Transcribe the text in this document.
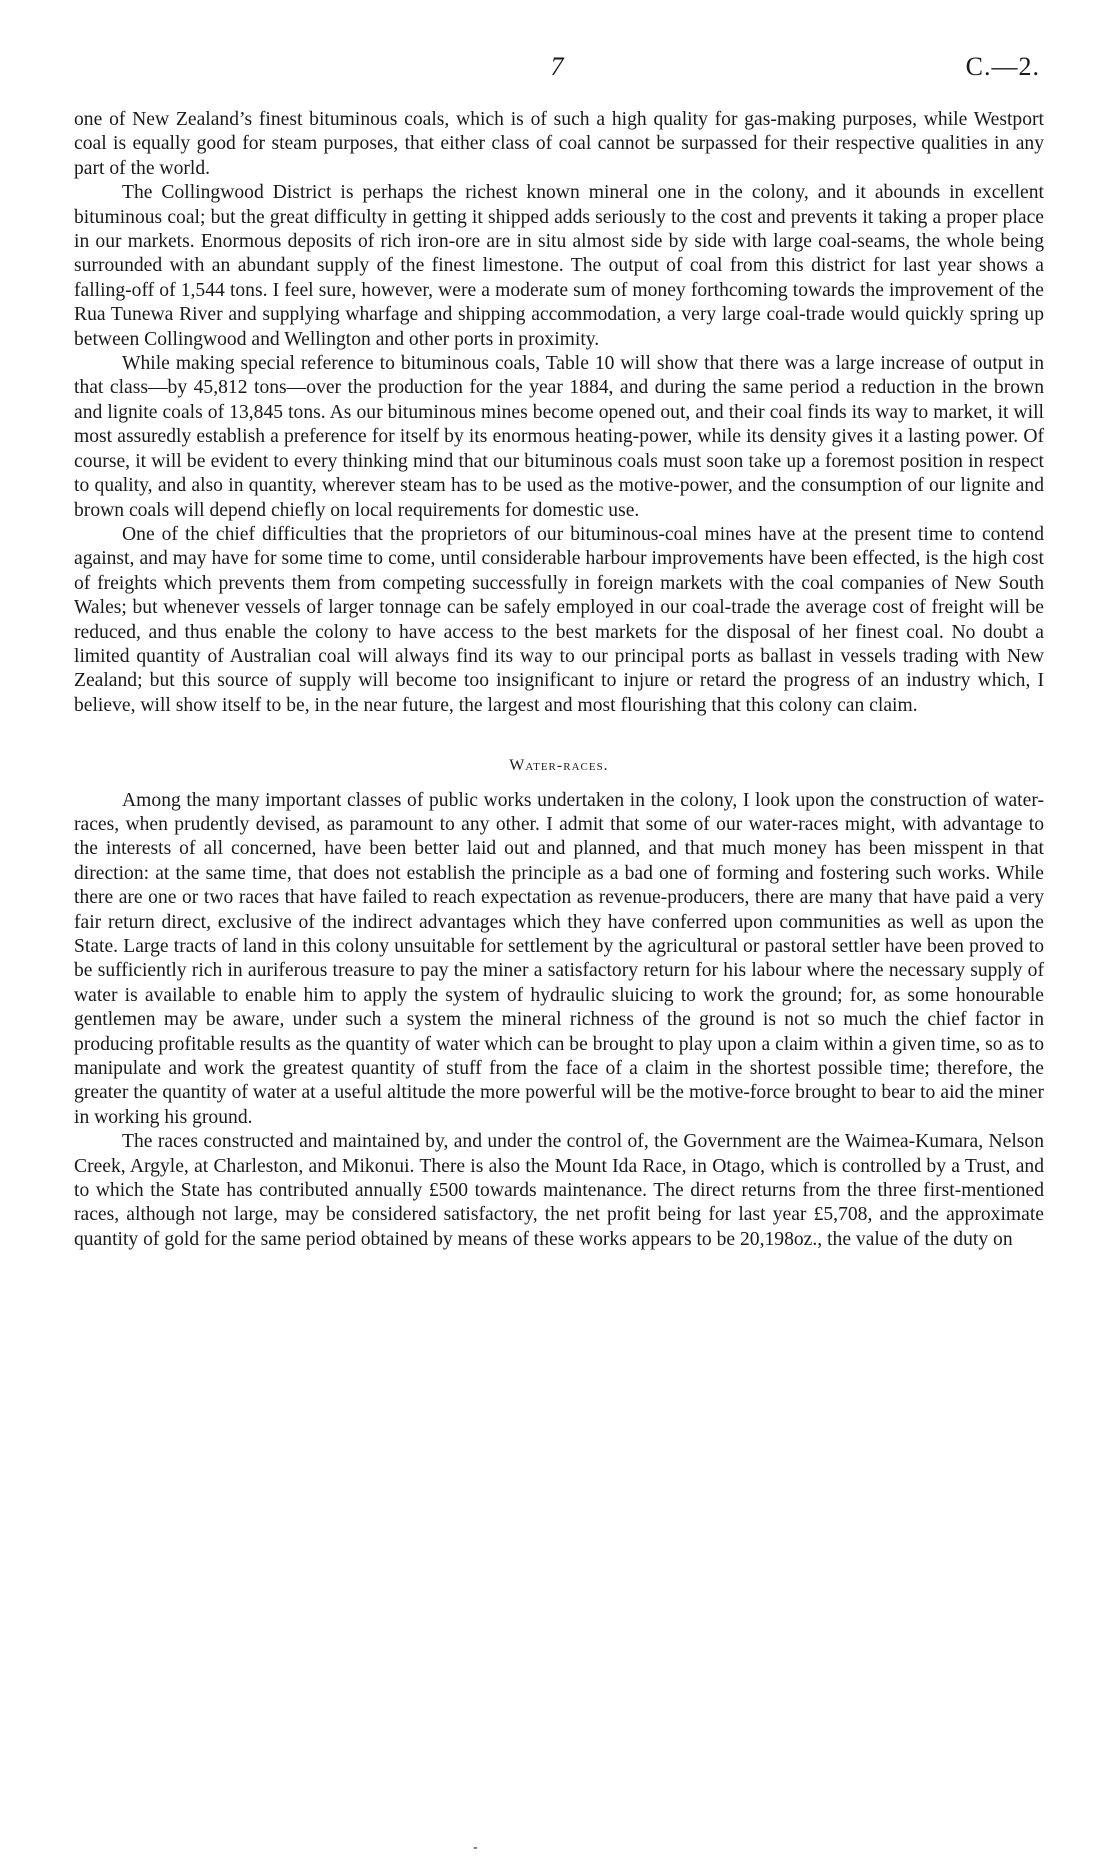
7	C.—2.

one of New Zealand’s finest bituminous coals, which is of such a high quality for gas-making purposes, while Westport coal is equally good for steam purposes, that either class of coal cannot be surpassed for their respective qualities in any part of the world.

The Collingwood District is perhaps the richest known mineral one in the colony, and it abounds in excellent bituminous coal; but the great difficulty in getting it shipped adds seriously to the cost and prevents it taking a proper place in our markets. Enormous deposits of rich iron-ore are in situ almost side by side with large coal-seams, the whole being surrounded with an abundant supply of the finest limestone. The output of coal from this district for last year shows a falling-off of 1,544 tons. I feel sure, however, were a moderate sum of money forthcoming towards the improvement of the Rua Tunewa River and supplying wharfage and shipping accommodation, a very large coal-trade would quickly spring up between Collingwood and Wellington and other ports in proximity.

While making special reference to bituminous coals, Table 10 will show that there was a large increase of output in that class—by 45,812 tons—over the production for the year 1884, and during the same period a reduction in the brown and lignite coals of 13,845 tons. As our bituminous mines become opened out, and their coal finds its way to market, it will most assuredly establish a preference for itself by its enormous heating-power, while its density gives it a lasting power. Of course, it will be evident to every thinking mind that our bituminous coals must soon take up a foremost position in respect to quality, and also in quantity, wherever steam has to be used as the motive-power, and the consumption of our lignite and brown coals will depend chiefly on local requirements for domestic use.

One of the chief difficulties that the proprietors of our bituminous-coal mines have at the present time to contend against, and may have for some time to come, until considerable harbour improvements have been effected, is the high cost of freights which prevents them from competing successfully in foreign markets with the coal companies of New South Wales; but whenever vessels of larger tonnage can be safely employed in our coal-trade the average cost of freight will be reduced, and thus enable the colony to have access to the best markets for the disposal of her finest coal. No doubt a limited quantity of Australian coal will always find its way to our principal ports as ballast in vessels trading with New Zealand; but this source of supply will become too insignificant to injure or retard the progress of an industry which, I believe, will show itself to be, in the near future, the largest and most flourishing that this colony can claim.

Water-races.

Among the many important classes of public works undertaken in the colony, I look upon the construction of water-races, when prudently devised, as paramount to any other. I admit that some of our water-races might, with advantage to the interests of all concerned, have been better laid out and planned, and that much money has been misspent in that direction: at the same time, that does not establish the principle as a bad one of forming and fostering such works. While there are one or two races that have failed to reach expectation as revenue-producers, there are many that have paid a very fair return direct, exclusive of the indirect advantages which they have conferred upon communities as well as upon the State. Large tracts of land in this colony unsuitable for settlement by the agricultural or pastoral settler have been proved to be sufficiently rich in auriferous treasure to pay the miner a satisfactory return for his labour where the necessary supply of water is available to enable him to apply the system of hydraulic sluicing to work the ground; for, as some honourable gentlemen may be aware, under such a system the mineral richness of the ground is not so much the chief factor in producing profitable results as the quantity of water which can be brought to play upon a claim within a given time, so as to manipulate and work the greatest quantity of stuff from the face of a claim in the shortest possible time; therefore, the greater the quantity of water at a useful altitude the more powerful will be the motive-force brought to bear to aid the miner in working his ground.

The races constructed and maintained by, and under the control of, the Government are the Waimea-Kumara, Nelson Creek, Argyle, at Charleston, and Mikonui. There is also the Mount Ida Race, in Otago, which is controlled by a Trust, and to which the State has contributed annually £500 towards maintenance. The direct returns from the three first-mentioned races, although not large, may be considered satisfactory, the net profit being for last year £5,708, and the approximate quantity of gold for the same period obtained by means of these works appears to be 20,198oz., the value of the duty on

-
